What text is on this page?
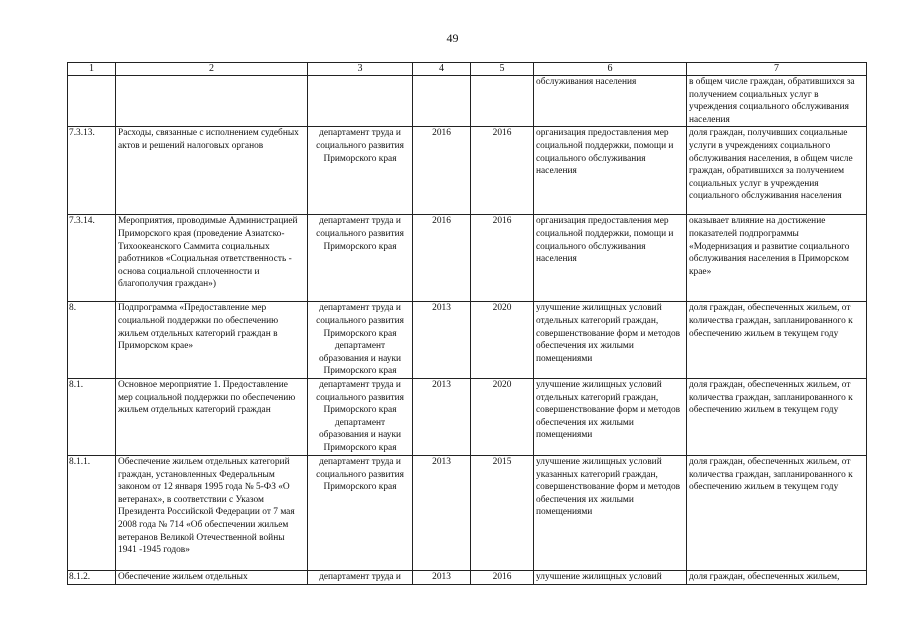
49
1	2	3	4	5	6	7
					обслуживания населения	в общем числе граждан, обратившихся за получением социальных услуг в учреждения социального обслуживания населения
7.3.13.	Расходы, связанные с исполнением судебных актов и решений налоговых органов	департамент труда и социального развития Приморского края	2016	2016	организация предоставления мер социальной поддержки, помощи и социального обслуживания населения	доля граждан, получивших социальные услуги в учреждениях социального обслуживания населения, в общем числе граждан, обратившихся за получением социальных услуг в учреждения социального обслуживания населения
7.3.14.	Мероприятия, проводимые Администрацией Приморского края (проведение Азиатско-Тихоокеанского Саммита социальных работников «Социальная ответственность - основа социальной сплоченности и благополучия граждан»)	департамент труда и социального развития Приморского края	2016	2016	организация предоставления мер социальной поддержки, помощи и социального обслуживания населения	оказывает влияние на достижение показателей подпрограммы «Модернизация и развитие социального обслуживания населения в Приморском крае»
8.	Подпрограмма «Предоставление мер социальной поддержки по обеспечению жильем отдельных категорий граждан в Приморском крае»	департамент труда и социального развития Приморского края департамент образования и науки Приморского края	2013	2020	улучшение жилищных условий отдельных категорий граждан, совершенствование форм и методов обеспечения их жилыми помещениями	доля граждан, обеспеченных жильем, от количества граждан, запланированного к обеспечению жильем в текущем году
8.1.	Основное мероприятие 1. Предоставление мер социальной поддержки по обеспечению жильем отдельных категорий граждан	департамент труда и социального развития Приморского края департамент образования и науки Приморского края	2013	2020	улучшение жилищных условий отдельных категорий граждан, совершенствование форм и методов обеспечения их жилыми помещениями	доля граждан, обеспеченных жильем, от количества граждан, запланированного к обеспечению жильем в текущем году
8.1.1.	Обеспечение жильем отдельных категорий граждан, установленных Федеральным законом от 12 января 1995 года № 5-ФЗ «О ветеранах», в соответствии с Указом Президента Российской Федерации от 7 мая 2008 года № 714 «Об обеспечении жильем ветеранов Великой Отечественной войны 1941 -1945 годов»	департамент труда и социального развития Приморского края	2013	2015	улучшение жилищных условий указанных категорий граждан, совершенствование форм и методов обеспечения их жилыми помещениями	доля граждан, обеспеченных жильем, от количества граждан, запланированного к обеспечению жильем в текущем году
8.1.2.	Обеспечение жильем отдельных	департамент труда и	2013	2016	улучшение жилищных условий	доля граждан, обеспеченных жильем,
